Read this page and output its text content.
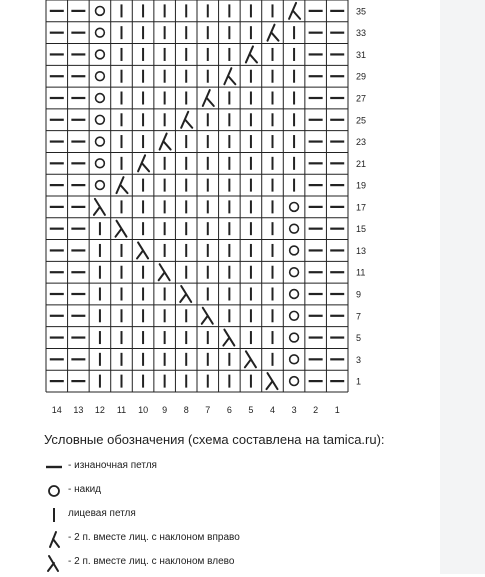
35
33
31
29
27
25
23
21
19
17
15
13
11
9
7
5
3
1
14 13 12 11 10 9 8 7 6 5 4 3 2 1
Условные обозначения (схема составлена на tamica.ru):
- изнаночная петля
- накид
лицевая петля
- 2 п. вместе лиц. с наклоном вправо
- 2 п. вместе лиц. с наклоном влево
